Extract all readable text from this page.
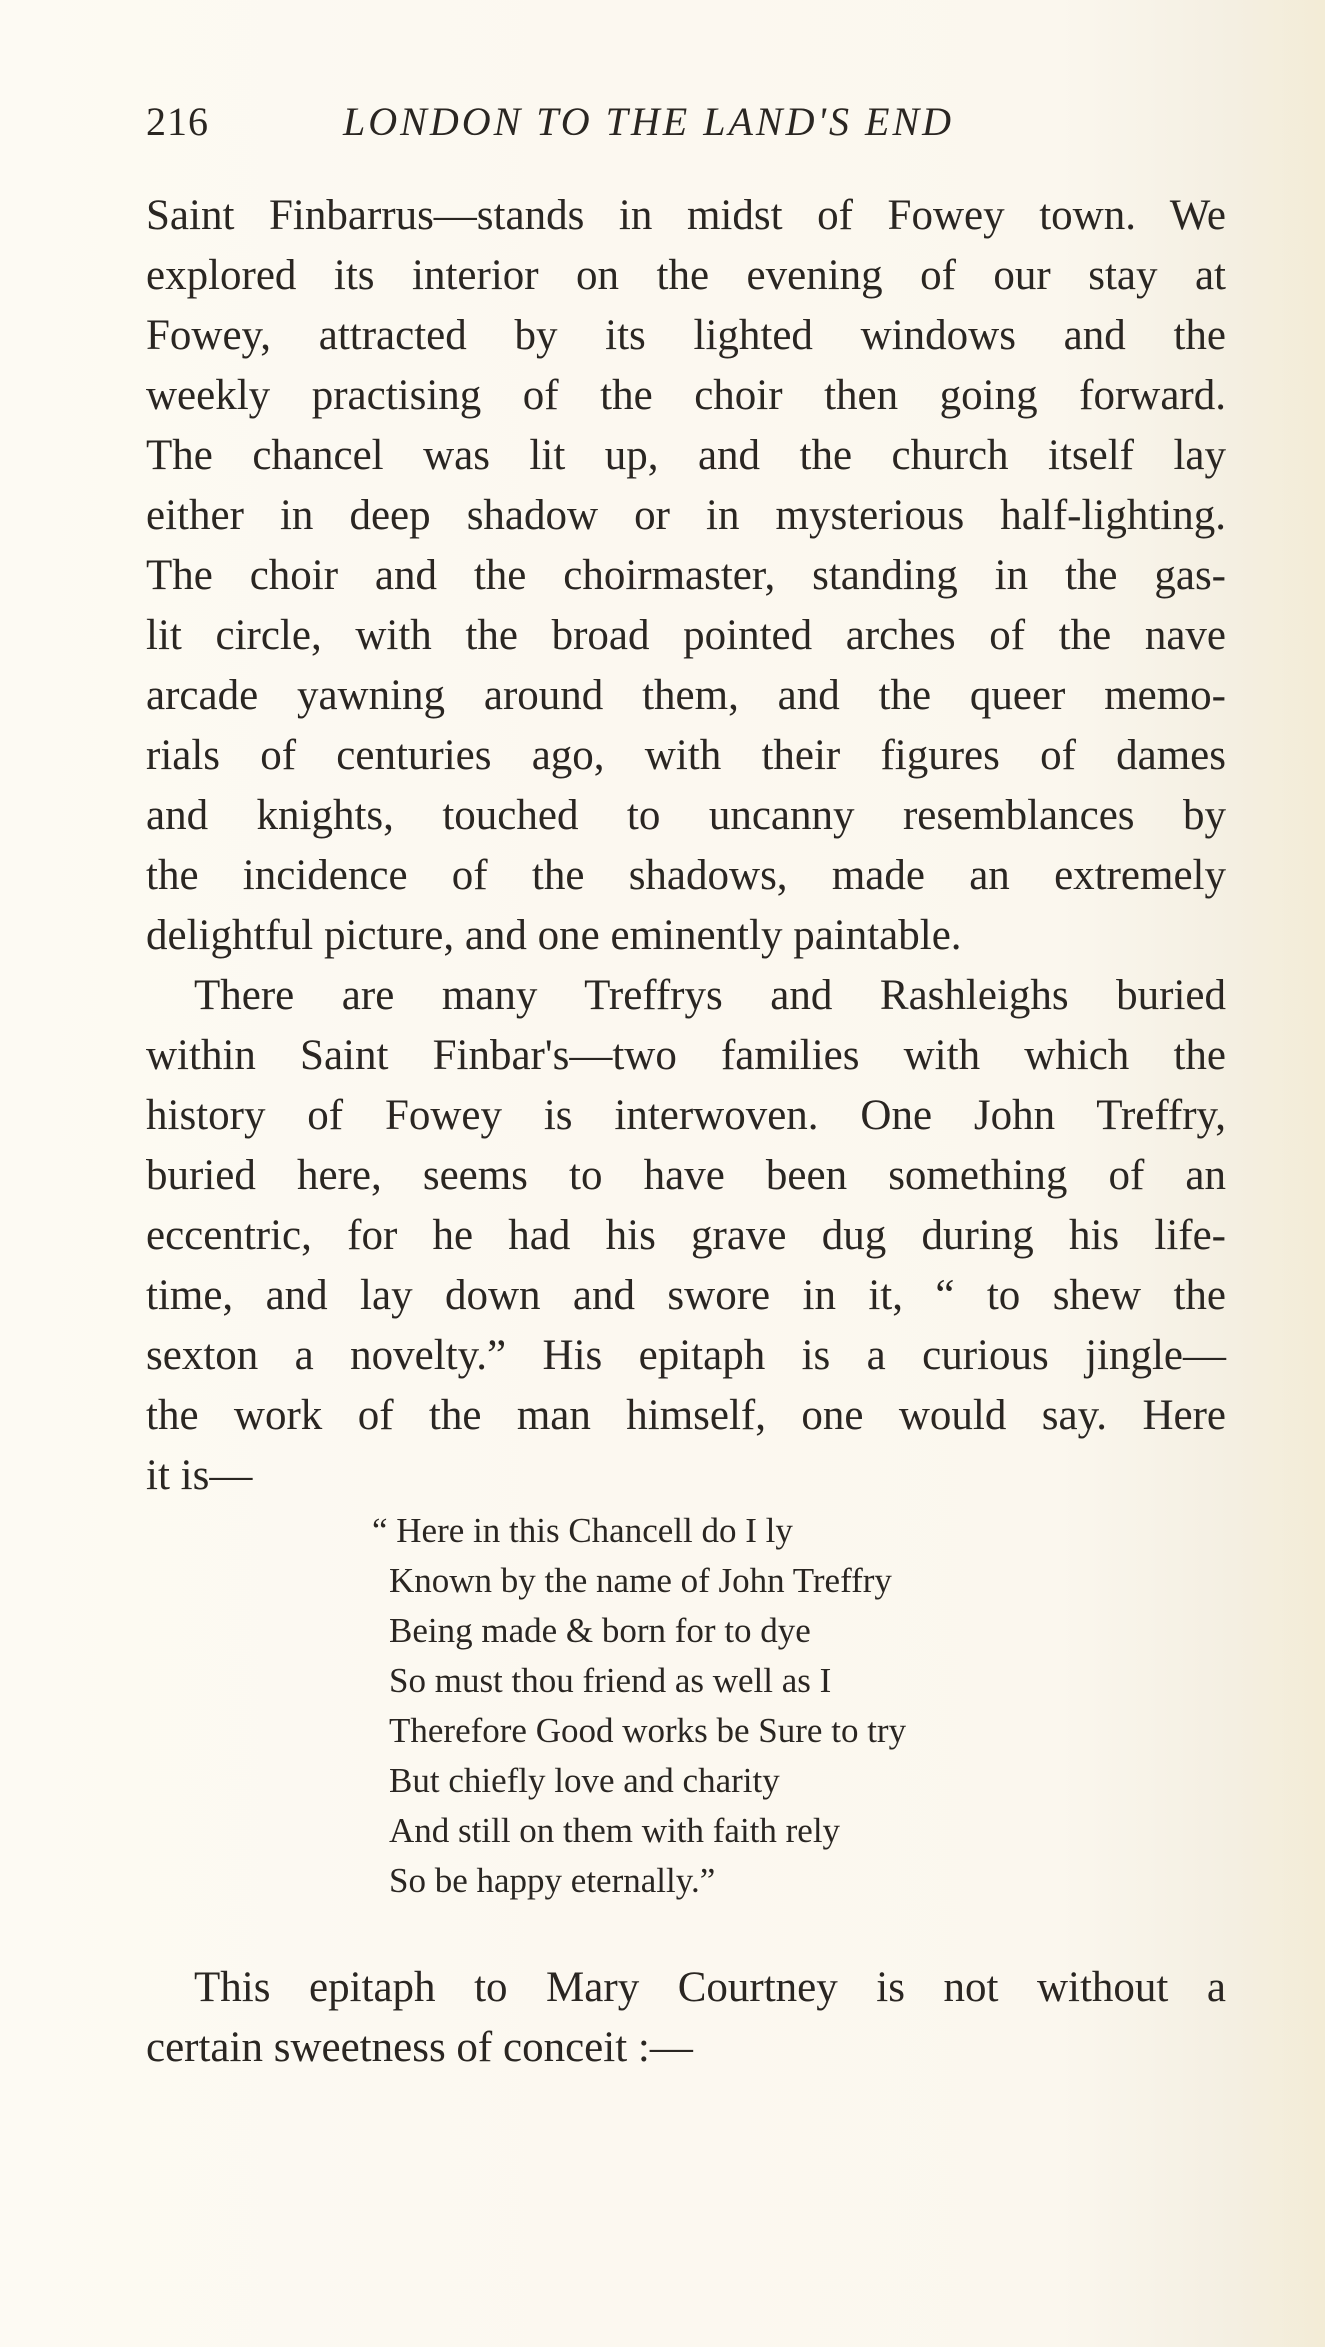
216	LONDON TO THE LAND'S END
Saint Finbarrus—stands in midst of Fowey town. We
explored its interior on the evening of our stay at
Fowey, attracted by its lighted windows and the
weekly practising of the choir then going forward.
The chancel was lit up, and the church itself lay
either in deep shadow or in mysterious half-lighting.
The choir and the choirmaster, standing in the gas-
lit circle, with the broad pointed arches of the nave
arcade yawning around them, and the queer memo-
rials of centuries ago, with their figures of dames
and knights, touched to uncanny resemblances by
the incidence of the shadows, made an extremely
delightful picture, and one eminently paintable.
There are many Treffrys and Rashleighs buried
within Saint Finbar's—two families with which the
history of Fowey is interwoven. One John Treffry,
buried here, seems to have been something of an
eccentric, for he had his grave dug during his life-
time, and lay down and swore in it, “ to shew the
sexton a novelty.” His epitaph is a curious jingle—
the work of the man himself, one would say. Here
it is—
“ Here in this Chancell do I ly
Known by the name of John Treffry
Being made & born for to dye
So must thou friend as well as I
Therefore Good works be Sure to try
But chiefly love and charity
And still on them with faith rely
So be happy eternally.”
This epitaph to Mary Courtney is not without a
certain sweetness of conceit :—
